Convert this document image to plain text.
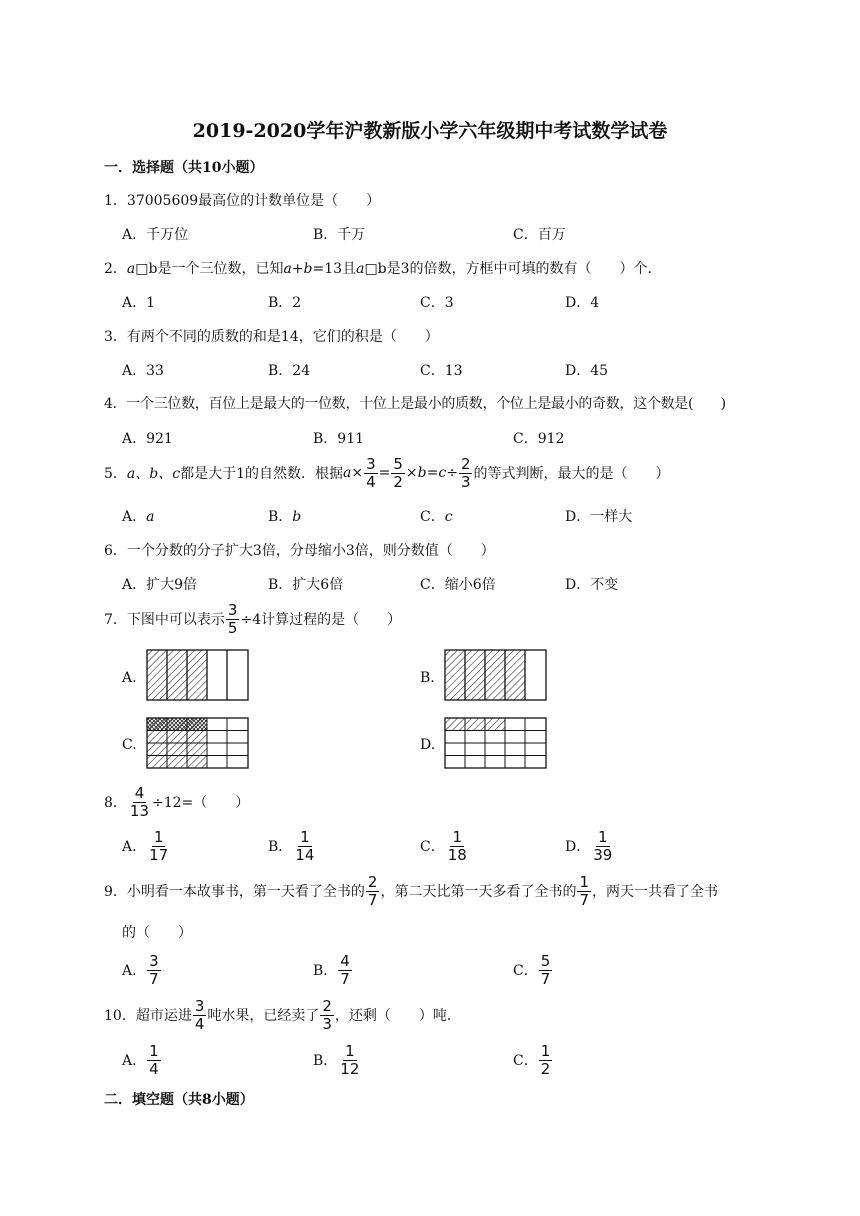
2019-2020学年沪教新版小学六年级期中考试数学试卷
一．选择题（共10小题）
1．37005609最高位的计数单位是（　　）
A．千万位	B．千万	C．百万
2．a□b是一个三位数，已知a+b=13且a□b是3的倍数，方框中可填的数有（　　）个．
A．1	B．2	C．3	D．4
3．有两个不同的质数的和是14，它们的积是（　　）
A．33	B．24	C．13	D．45
4．一个三位数，百位上是最大的一位数，十位上是最小的质数，个位上是最小的奇数，这个数是(　　)
A．921	B．911	C．912
5． a、b、c 都是大于1的自然数．根据 $a \times \frac{3}{4} = \frac{5}{2} \times b = c \div \frac{2}{3}$ 的等式判断，最大的是（　　）
A．a	B．b	C．c	D．一样大
6．一个分数的分子扩大3倍，分母缩小3倍，则分数值（　　）
A．扩大9倍	B．扩大6倍	C．缩小6倍	D．不变
7．下图中可以表示 $\frac{3}{5} \div 4$计算过程的是（　　）
A.	B.
C.	D.
8． $\frac{4}{13} \div 12=$（　　）
A． $\frac{1}{17}$	B． $\frac{1}{14}$	C． $\frac{1}{18}$	D． $\frac{1}{39}$
9．小明看一本故事书，第一天看了全书的 $\frac{2}{7}$ ，第二天比第一天多看了全书的 $\frac{1}{7}$ ，两天一共看了全书
的（　　）
A． $\frac{3}{7}$	B． $\frac{4}{7}$	C． $\frac{5}{7}$
10．超市运进 $\frac{3}{4}$ 吨水果，已经卖了 $\frac{2}{3}$ ，还剩（　　）吨．
A． $\frac{1}{4}$	B． $\frac{1}{12}$	C． $\frac{1}{2}$
二．填空题（共8小题）
